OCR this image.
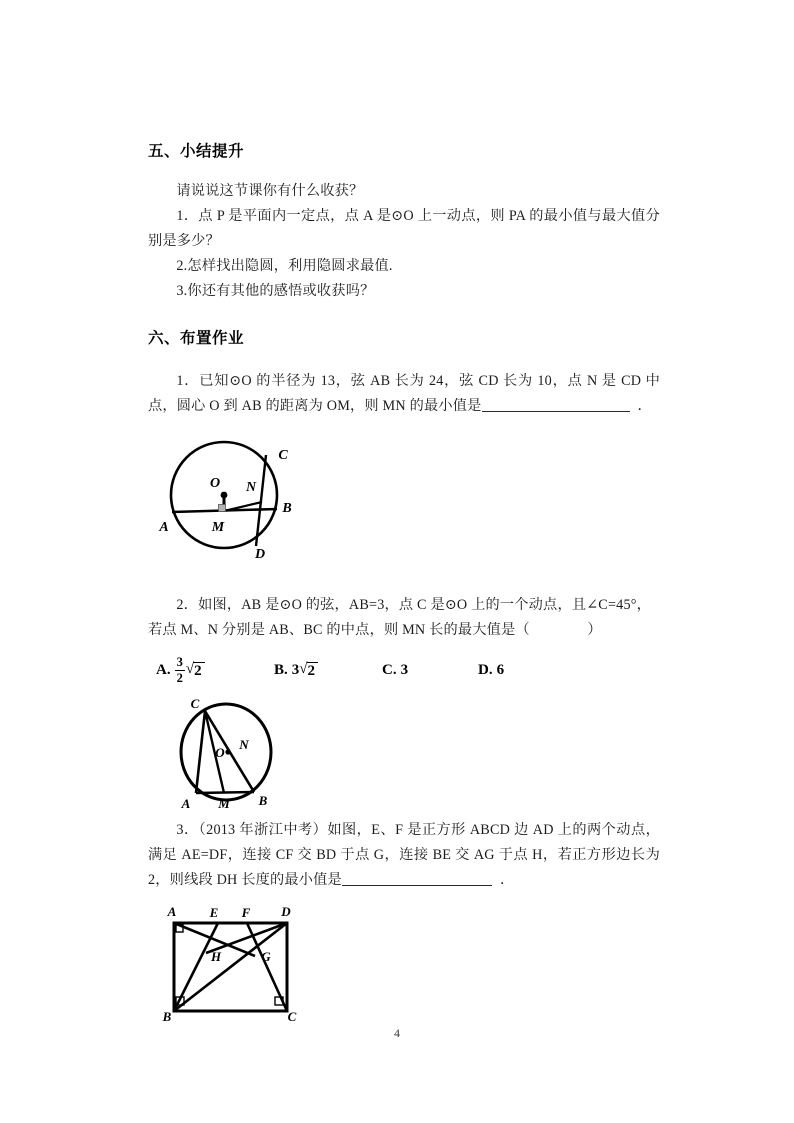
五、小结提升
请说说这节课你有什么收获？
1．点 P 是平面内一定点，点 A 是⊙O 上一动点，则 PA 的最小值与最大值分别是多少？
2.怎样找出隐圆，利用隐圆求最值.
3.你还有其他的感悟或收获吗？
六、布置作业
1．已知⊙O 的半径为 13，弦 AB 长为 24，弦 CD 长为 10，点 N 是 CD 中点，圆心 O 到 AB 的距离为 OM，则 MN 的最小值是	．
O N
C
B
A	M
D
2．如图，AB 是⊙O 的弦，AB=3，点 C 是⊙O 上的一个动点，且∠C=45°，
若点 M、N 分别是 AB、BC 的中点，则 MN 长的最大值是（　　　　）
A. $\frac{3}{2}$ √ 2	B. 3 √ 2	C. 3	D. 6
C
O
N
A M B
3．（2013 年浙江中考）如图，E、F 是正方形 ABCD 边 AD 上的两个动点，满足 AE=DF，连接 CF 交 BD 于点 G，连接 BE 交 AG 于点 H，若正方形边长为 2，则线段 DH 长度的最小值是	．
A	E F D
H	G
B	C
4
